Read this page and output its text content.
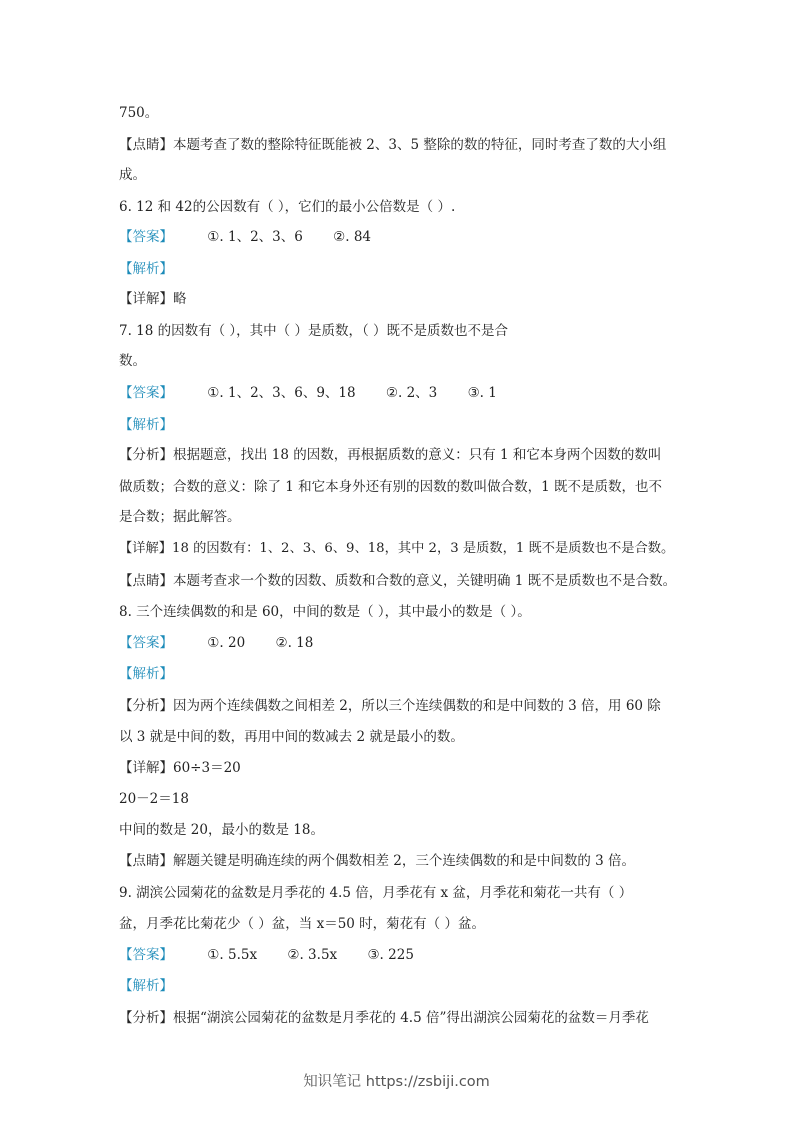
750。
【点睛】本题考查了数的整除特征既能被 2、3、5 整除的数的特征，同时考查了数的大小组
成。
6. 12 和 42的公因数有（ ），它们的最小公倍数是（ ）.
【答案】	①. 1、2、3、6 ②. 84
【解析】
【详解】略
7. 18 的因数有（ ），其中（ ）是质数，（ ）既不是质数也不是合
数。
【答案】	①. 1、2、3、6、9、18 ②. 2、3 ③. 1
【解析】
【分析】根据题意，找出 18 的因数，再根据质数的意义：只有 1 和它本身两个因数的数叫
做质数；合数的意义：除了 1 和它本身外还有别的因数的数叫做合数，1 既不是质数，也不
是合数；据此解答。
【详解】18 的因数有：1、2、3、6、9、18，其中 2，3 是质数，1 既不是质数也不是合数。
【点睛】本题考查求一个数的因数、质数和合数的意义，关键明确 1 既不是质数也不是合数。
8. 三个连续偶数的和是 60，中间的数是（ ），其中最小的数是（ ）。
【答案】	①. 20 ②. 18
【解析】
【分析】因为两个连续偶数之间相差 2，所以三个连续偶数的和是中间数的 3 倍，用 60 除
以 3 就是中间的数，再用中间的数减去 2 就是最小的数。
【详解】60÷3＝20
20－2＝18
中间的数是 20，最小的数是 18。
【点睛】解题关键是明确连续的两个偶数相差 2，三个连续偶数的和是中间数的 3 倍。
9. 湖滨公园菊花的盆数是月季花的 4.5 倍，月季花有 x 盆，月季花和菊花一共有（ ）
盆，月季花比菊花少（ ）盆，当 x＝50 时，菊花有（ ）盆。
【答案】	①. 5.5x ②. 3.5x ③. 225
【解析】
【分析】根据“湖滨公园菊花的盆数是月季花的 4.5 倍”得出湖滨公园菊花的盆数＝月季花
知识笔记 https://zsbiji.com
